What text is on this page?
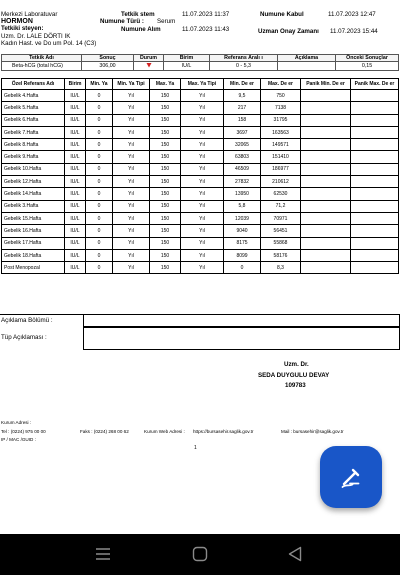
Merkezi Laboratuvar
HORMON
Tetkiki steyen:
Uzm. Dr. LALE DÖRTI IK
Kadın Hast. ve Do um Pol. 14 (C3)
Tetkik stem	11.07.2023 11:37
Numune Türü : Serum
Numune Alım	11.07.2023 11:43
Numune Kabul	11.07.2023 12:47
Uzman Onay Zamanı 11.07.2023 15:44
Tetkik Adı	Sonuç	Durum	Birim	Referans Aralı ı	Açıklama	Önceki Sonuçlar
Beta-hCG (total hCG)	306,00		IU/L	0 - 5,3		0,15
Özel Referans Adı	Birim	Min. Ya	Min. Ya Tipi	Max. Ya	Max. Ya Tipi	Min. De er	Max. De er	Panik Min. De er	Panik Max. De er
Gebelik 4.Hafta	IU/L	0	Yıl	150	Yıl	9,5	750		
Gebelik 5.Hafta	IU/L	0	Yıl	150	Yıl	217	7138		
Gebelik 6.Hafta	IU/L	0	Yıl	150	Yıl	158	31795		
Gebelik 7.Hafta	IU/L	0	Yıl	150	Yıl	3697	163563		
Gebelik 8.Hafta	IU/L	0	Yıl	150	Yıl	32065	149571		
Gebelik 9.Hafta	IU/L	0	Yıl	150	Yıl	63803	151410		
Gebelik 10.Hafta	IU/L	0	Yıl	150	Yıl	46509	186977		
Gebelik 12.Hafta	IU/L	0	Yıl	150	Yıl	27832	210612		
Gebelik 14.Hafta	IU/L	0	Yıl	150	Yıl	13950	62530		
Gebelik 3.Hafta	IU/L	0	Yıl	150	Yıl	5,8	71,2		
Gebelik 15.Hafta	IU/L	0	Yıl	150	Yıl	12039	70971		
Gebelik 16.Hafta	IU/L	0	Yıl	150	Yıl	9040	56451		
Gebelik 17.Hafta	IU/L	0	Yıl	150	Yıl	8175	55868		
Gebelik 18.Hafta	IU/L	0	Yıl	150	Yıl	8099	58176		
Post Menopozal	IU/L	0	Yıl	150	Yıl	0	8,3		
Açıklama Bölümü :
Tüp Açıklaması :
Uzm. Dr.
SEDA DUYGULU DEVAY
109783
Kurum Adresi :
Tel : (0224) 975 00 00	Faks : (0224) 268 00 62	Kurum Web Adresi : https://bursasehir.saglik.gov.tr	Mail : bursasehir@saglik.gov.tr
IP / MAC /GUID :
1
